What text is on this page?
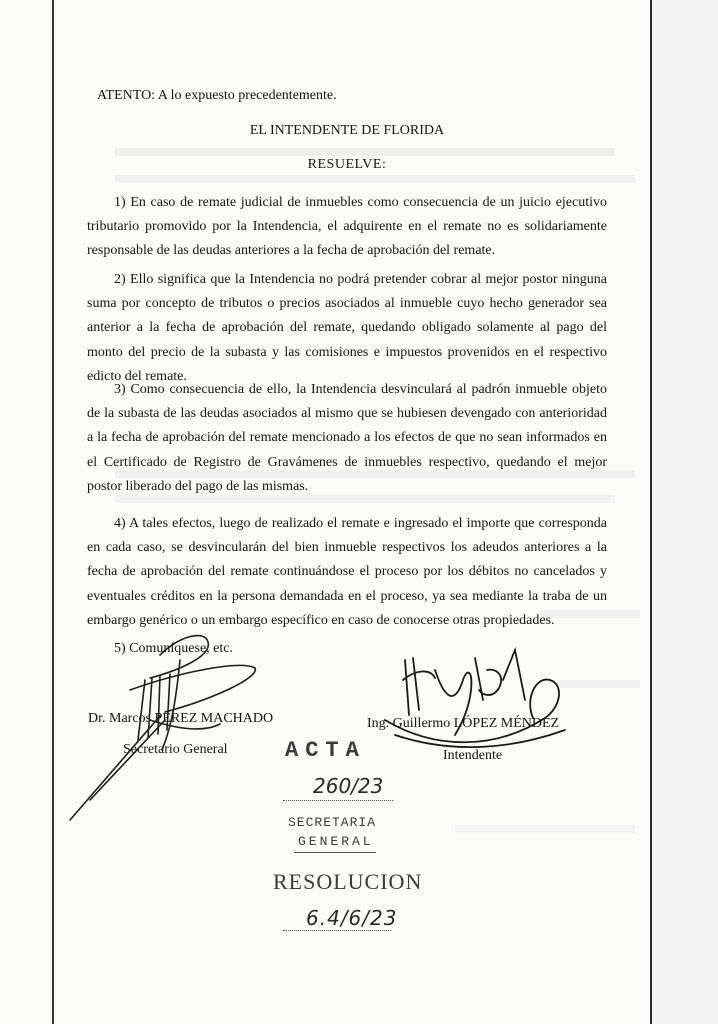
ATENTO: A lo expuesto precedentemente.
EL INTENDENTE DE FLORIDA
RESUELVE:
1) En caso de remate judicial de inmuebles como consecuencia de un juicio ejecutivo tributario promovido por la Intendencia, el adquirente en el remate no es solidariamente responsable de las deudas anteriores a la fecha de aprobación del remate.
2) Ello significa que la Intendencia no podrá pretender cobrar al mejor postor ninguna suma por concepto de tributos o precios asociados al inmueble cuyo hecho generador sea anterior a la fecha de aprobación del remate, quedando obligado solamente al pago del monto del precio de la subasta y las comisiones e impuestos provenidos en el respectivo edicto del remate.
3) Como consecuencia de ello, la Intendencia desvinculará al padrón inmueble objeto de la subasta de las deudas asociados al mismo que se hubiesen devengado con anterioridad a la fecha de aprobación del remate mencionado a los efectos de que no sean informados en el Certificado de Registro de Gravámenes de inmuebles respectivo, quedando el mejor postor liberado del pago de las mismas.
4) A tales efectos, luego de realizado el remate e ingresado el importe que corresponda en cada caso, se desvincularán del bien inmueble respectivos los adeudos anteriores a la fecha de aprobación del remate continuándose el proceso por los débitos no cancelados y eventuales créditos en la persona demandada en el proceso, ya sea mediante la traba de un embargo genérico o un embargo específico en caso de conocerse otras propiedades.
5) Comuníquese, etc.
Dr. Marcos PEREZ MACHADO
Secretario General
Ing. Guillermo LÓPEZ MÉNDEZ
Intendente
ACTA
260/23
SECRETARIA
GENERAL
RESOLUCION
6.4/6/23
